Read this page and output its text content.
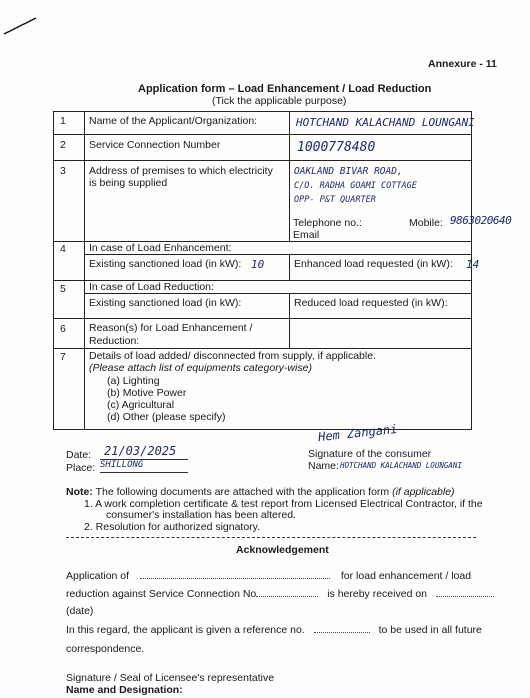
Annexure - 11
Application form – Load Enhancement / Load Reduction
(Tick the applicable purpose)
1 Name of the Applicant/Organization:	HOTCHAND KALACHAND LOUNGANI
2 Service Connection Number	1000778480
3 Address of premises to which electricity
is being supplied
OAKLAND BIVAR ROAD,
C/O. RADHA GOAMI COTTAGE
OPP- P&T QUARTER
Telephone no.:	Mobile: 9863020640
Email
4 In case of Load Enhancement:
Existing sanctioned load (in kW): 10	Enhanced load requested (in kW): 14
5 In case of Load Reduction:
Existing sanctioned load (in kW):	Reduced load requested (in kW):
6 Reason(s) for Load Enhancement /
Reduction:
7 Details of load added/ disconnected from supply, if applicable.
(Please attach list of equipments category-wise)
(a) Lighting
(b) Motive Power
(c) Agricultural
(d) Other (please specify)
Date: 21/03/2025
Place: SHILLONG
Hem Zangani
Signature of the consumer
Name: HOTCHAND KALACHAND LOUNGANI
Note: The following documents are attached with the application form (if applicable)
1. A work completion certificate & test report from Licensed Electrical Contractor, if the
consumer's installation has been altered.
2. Resolution for authorized signatory.
Acknowledgement
Application of	for load enhancement / load
reduction against Service Connection No	is hereby received on
(date)
In this regard, the applicant is given a reference no.	to be used in all future
correspondence.
Signature / Seal of Licensee's representative
Name and Designation:
